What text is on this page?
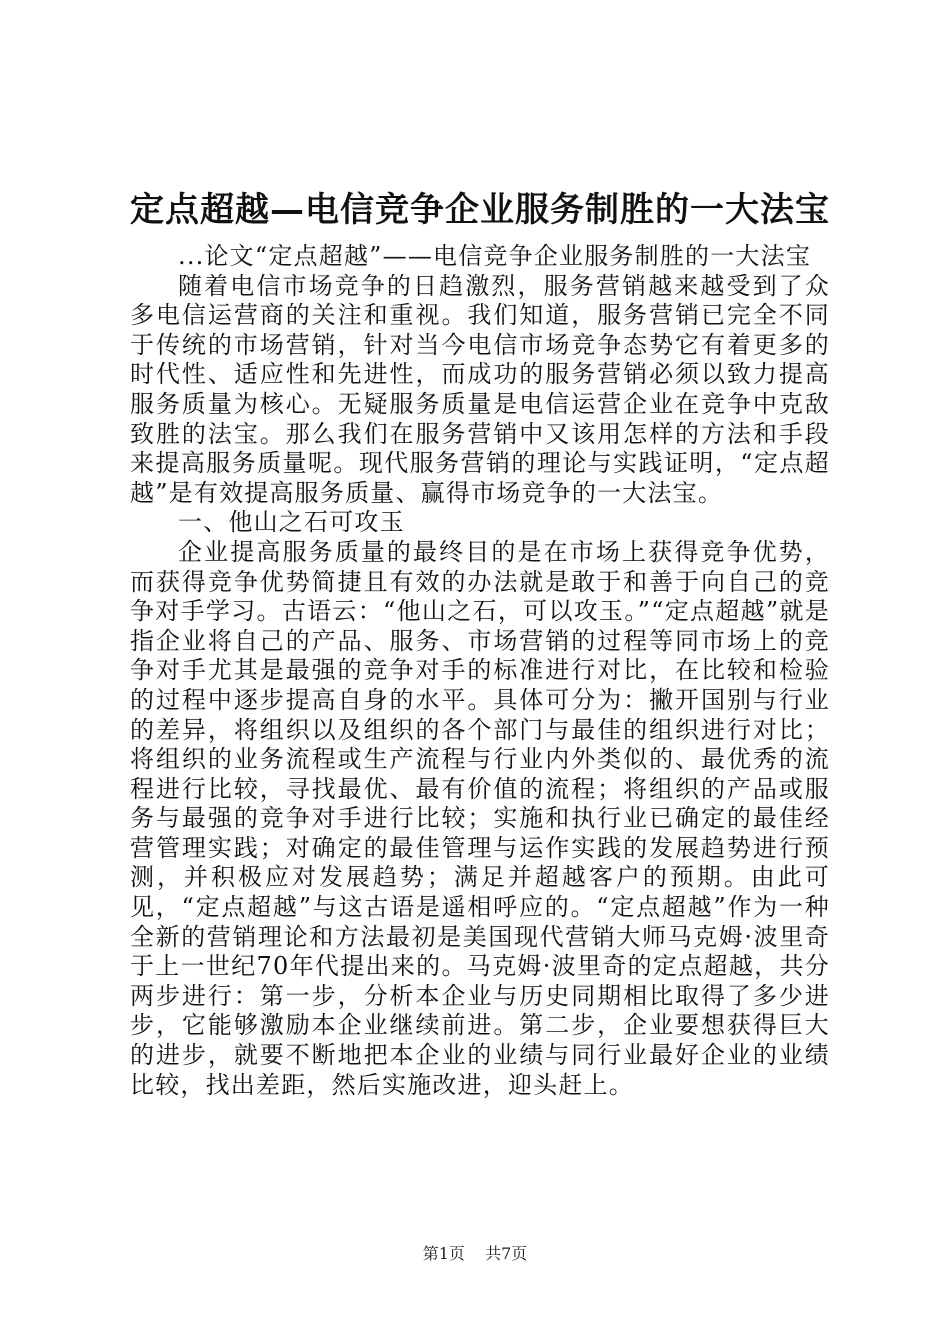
定点超越—电信竞争企业服务制胜的一大法宝

...论文“定点超越”——电信竞争企业服务制胜的一大法宝

随着电信市场竞争的日趋激烈，服务营销越来越受到了众多电信运营商的关注和重视。我们知道，服务营销已完全不同于传统的市场营销，针对当今电信市场竞争态势它有着更多的时代性、适应性和先进性，而成功的服务营销必须以致力提高服务质量为核心。无疑服务质量是电信运营企业在竞争中克敌致胜的法宝。那么我们在服务营销中又该用怎样的方法和手段来提高服务质量呢。现代服务营销的理论与实践证明，“定点超越”是有效提高服务质量、赢得市场竞争的一大法宝。

一、他山之石可攻玉

企业提高服务质量的最终目的是在市场上获得竞争优势，而获得竞争优势简捷且有效的办法就是敢于和善于向自己的竞争对手学习。古语云：“他山之石，可以攻玉。”“定点超越”就是指企业将自己的产品、服务、市场营销的过程等同市场上的竞争对手尤其是最强的竞争对手的标准进行对比，在比较和检验的过程中逐步提高自身的水平。具体可分为：撇开国别与行业的差异，将组织以及组织的各个部门与最佳的组织进行对比；将组织的业务流程或生产流程与行业内外类似的、最优秀的流程进行比较，寻找最优、最有价值的流程；将组织的产品或服务与最强的竞争对手进行比较；实施和执行业已确定的最佳经营管理实践；对确定的最佳管理与运作实践的发展趋势进行预测，并积极应对发展趋势；满足并超越客户的预期。由此可见，“定点超越”与这古语是遥相呼应的。“定点超越”作为一种全新的营销理论和方法最初是美国现代营销大师马克姆·波里奇于上一世纪70年代提出来的。马克姆·波里奇的定点超越，共分两步进行：第一步，分析本企业与历史同期相比取得了多少进步，它能够激励本企业继续前进。第二步，企业要想获得巨大的进步，就要不断地把本企业的业绩与同行业最好企业的业绩比较，找出差距，然后实施改进，迎头赶上。

第1页 共7页
